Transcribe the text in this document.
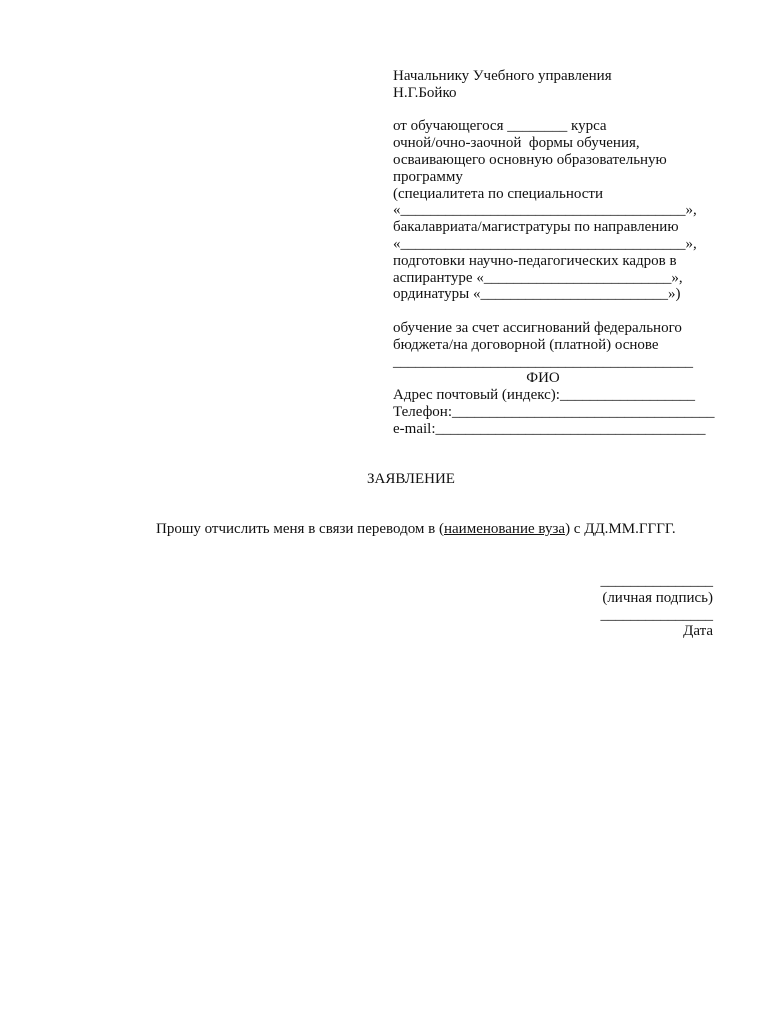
Начальнику Учебного управления
Н.Г.Бойко
от обучающегося ________ курса
очной/очно-заочной  формы обучения,
осваивающего основную образовательную
программу
(специалитета по специальности
«______________________________________»,
бакалавриата/магистратуры по направлению
«______________________________________»,
подготовки научно-педагогических кадров в
аспирантуре «_________________________»,
ординатуры «_________________________»)
обучение за счет ассигнований федерального
бюджета/на договорной (платной) основе
________________________________________
ФИО
Адрес почтовый (индекс):__________________
Телефон:___________________________________
e-mail:____________________________________
ЗАЯВЛЕНИЕ
Прошу отчислить меня в связи переводом в (наименование вуза) с ДД.ММ.ГГГГ.
_______________
(личная подпись)
_______________
Дата
